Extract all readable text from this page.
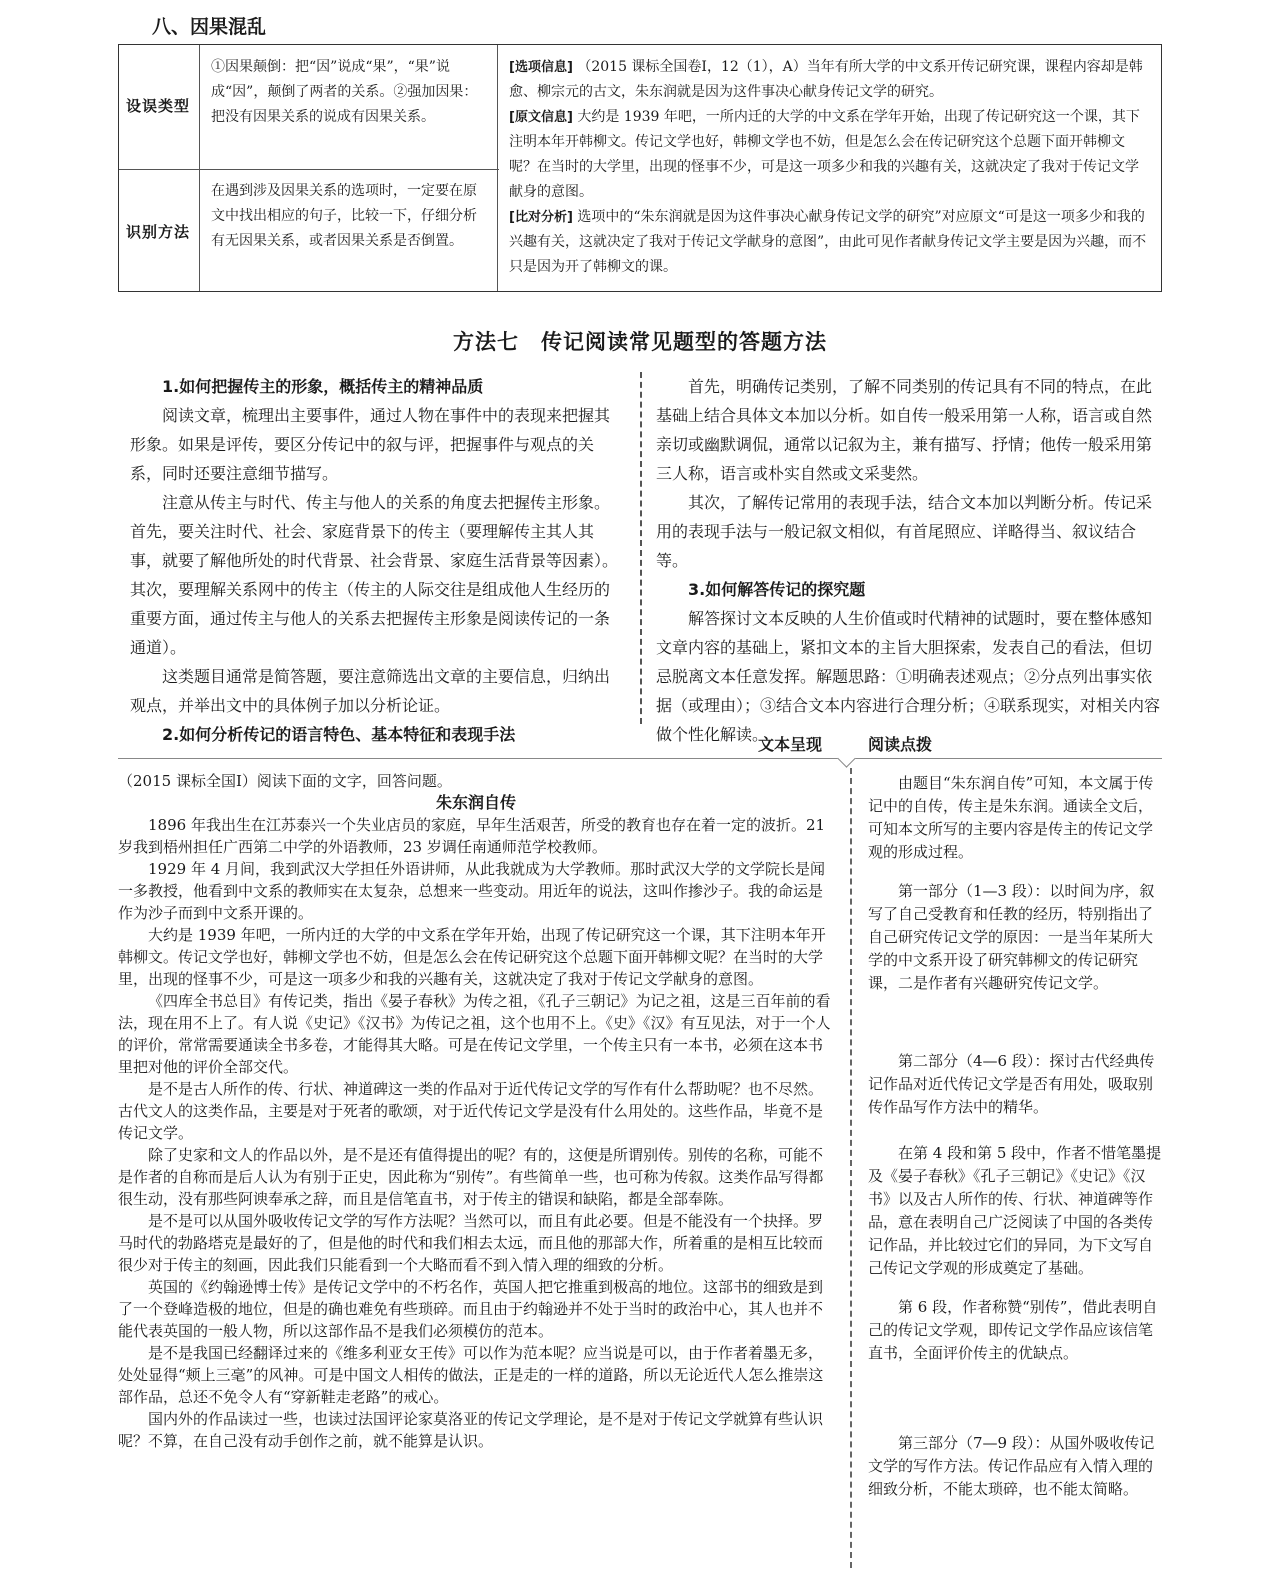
八、因果混乱
设误类型
①因果颠倒：把“因”说成“果”，“果”说成“因”，颠倒了两者的关系。②强加因果：把没有因果关系的说成有因果关系。
识别方法
在遇到涉及因果关系的选项时，一定要在原文中找出相应的句子，比较一下，仔细分析有无因果关系，或者因果关系是否倒置。
[选项信息] （2015 课标全国卷Ⅰ，12（1），A）当年有所大学的中文系开传记研究课，课程内容却是韩愈、柳宗元的古文，朱东润就是因为这件事决心献身传记文学的研究。
[原文信息] 大约是 1939 年吧，一所内迁的大学的中文系在学年开始，出现了传记研究这一个课，其下注明本年开韩柳文。传记文学也好，韩柳文学也不妨，但是怎么会在传记研究这个总题下面开韩柳文呢？在当时的大学里，出现的怪事不少，可是这一项多少和我的兴趣有关，这就决定了我对于传记文学献身的意图。
[比对分析] 选项中的“朱东润就是因为这件事决心献身传记文学的研究”对应原文“可是这一项多少和我的兴趣有关，这就决定了我对于传记文学献身的意图”，由此可见作者献身传记文学主要是因为兴趣，而不只是因为开了韩柳文的课。
方法七　传记阅读常见题型的答题方法
1.如何把握传主的形象，概括传主的精神品质

阅读文章，梳理出主要事件，通过人物在事件中的表现来把握其形象。如果是评传，要区分传记中的叙与评，把握事件与观点的关系，同时还要注意细节描写。

注意从传主与时代、传主与他人的关系的角度去把握传主形象。首先，要关注时代、社会、家庭背景下的传主（要理解传主其人其事，就要了解他所处的时代背景、社会背景、家庭生活背景等因素）。其次，要理解关系网中的传主（传主的人际交往是组成他人生经历的重要方面，通过传主与他人的关系去把握传主形象是阅读传记的一条通道）。

这类题目通常是简答题，要注意筛选出文章的主要信息，归纳出观点，并举出文中的具体例子加以分析论证。

2.如何分析传记的语言特色、基本特征和表现手法

首先，明确传记类别，了解不同类别的传记具有不同的特点，在此基础上结合具体文本加以分析。如自传一般采用第一人称，语言或自然亲切或幽默调侃，通常以记叙为主，兼有描写、抒情；他传一般采用第三人称，语言或朴实自然或文采斐然。

其次，了解传记常用的表现手法，结合文本加以判断分析。传记采用的表现手法与一般记叙文相似，有首尾照应、详略得当、叙议结合等。

3.如何解答传记的探究题

解答探讨文本反映的人生价值或时代精神的试题时，要在整体感知文章内容的基础上，紧扣文本的主旨大胆探索，发表自己的看法，但切忌脱离文本任意发挥。解题思路：①明确表述观点；②分点列出事实依据（或理由）；③结合文本内容进行合理分析；④联系现实，对相关内容做个性化解读。

文本呈现	阅读点拨

（2015 课标全国Ⅰ）阅读下面的文字，回答问题。

朱东润自传

1896 年我出生在江苏泰兴一个失业店员的家庭，早年生活艰苦，所受的教育也存在着一定的波折。21 岁我到梧州担任广西第二中学的外语教师，23 岁调任南通师范学校教师。

1929 年 4 月间，我到武汉大学担任外语讲师，从此我就成为大学教师。那时武汉大学的文学院长是闻一多教授，他看到中文系的教师实在太复杂，总想来一些变动。用近年的说法，这叫作掺沙子。我的命运是作为沙子而到中文系开课的。

大约是 1939 年吧，一所内迁的大学的中文系在学年开始，出现了传记研究这一个课，其下注明本年开韩柳文。传记文学也好，韩柳文学也不妨，但是怎么会在传记研究这个总题下面开韩柳文呢？在当时的大学里，出现的怪事不少，可是这一项多少和我的兴趣有关，这就决定了我对于传记文学献身的意图。

《四库全书总目》有传记类，指出《晏子春秋》为传之祖，《孔子三朝记》为记之祖，这是三百年前的看法，现在用不上了。有人说《史记》《汉书》为传记之祖，这个也用不上。《史》《汉》有互见法，对于一个人的评价，常常需要通读全书多卷，才能得其大略。可是在传记文学里，一个传主只有一本书，必须在这本书里把对他的评价全部交代。

是不是古人所作的传、行状、神道碑这一类的作品对于近代传记文学的写作有什么帮助呢？也不尽然。古代文人的这类作品，主要是对于死者的歌颂，对于近代传记文学是没有什么用处的。这些作品，毕竟不是传记文学。

除了史家和文人的作品以外，是不是还有值得提出的呢？有的，这便是所谓别传。别传的名称，可能不是作者的自称而是后人认为有别于正史，因此称为“别传”。有些简单一些，也可称为传叙。这类作品写得都很生动，没有那些阿谀奉承之辞，而且是信笔直书，对于传主的错误和缺陷，都是全部奉陈。

是不是可以从国外吸收传记文学的写作方法呢？当然可以，而且有此必要。但是不能没有一个抉择。罗马时代的勃路塔克是最好的了，但是他的时代和我们相去太远，而且他的那部大作，所着重的是相互比较而很少对于传主的刻画，因此我们只能看到一个大略而看不到入情入理的细致的分析。

英国的《约翰逊博士传》是传记文学中的不朽名作，英国人把它推重到极高的地位。这部书的细致是到了一个登峰造极的地位，但是的确也难免有些琐碎。而且由于约翰逊并不处于当时的政治中心，其人也并不能代表英国的一般人物，所以这部作品不是我们必须模仿的范本。

是不是我国已经翻译过来的《维多利亚女王传》可以作为范本呢？应当说是可以，由于作者着墨无多，处处显得“颊上三毫”的风神。可是中国文人相传的做法，正是走的一样的道路，所以无论近代人怎么推崇这部作品，总还不免令人有“穿新鞋走老路”的戒心。

国内外的作品读过一些，也读过法国评论家莫洛亚的传记文学理论，是不是对于传记文学就算有些认识呢？不算，在自己没有动手创作之前，就不能算是认识。

由题目“朱东润自传”可知，本文属于传记中的自传，传主是朱东润。通读全文后，可知本文所写的主要内容是传主的传记文学观的形成过程。

第一部分（1—3 段）：以时间为序，叙写了自己受教育和任教的经历，特别指出了自己研究传记文学的原因：一是当年某所大学的中文系开设了研究韩柳文的传记研究课，二是作者有兴趣研究传记文学。

第二部分（4—6 段）：探讨古代经典传记作品对近代传记文学是否有用处，吸取别传作品写作方法中的精华。

在第 4 段和第 5 段中，作者不惜笔墨提及《晏子春秋》《孔子三朝记》《史记》《汉书》以及古人所作的传、行状、神道碑等作品，意在表明自己广泛阅读了中国的各类传记作品，并比较过它们的异同，为下文写自己传记文学观的形成奠定了基础。

第 6 段，作者称赞“别传”，借此表明自己的传记文学观，即传记文学作品应该信笔直书，全面评价传主的优缺点。

第三部分（7—9 段）：从国外吸收传记文学的写作方法。传记作品应有入情入理的细致分析，不能太琐碎，也不能太简略。
